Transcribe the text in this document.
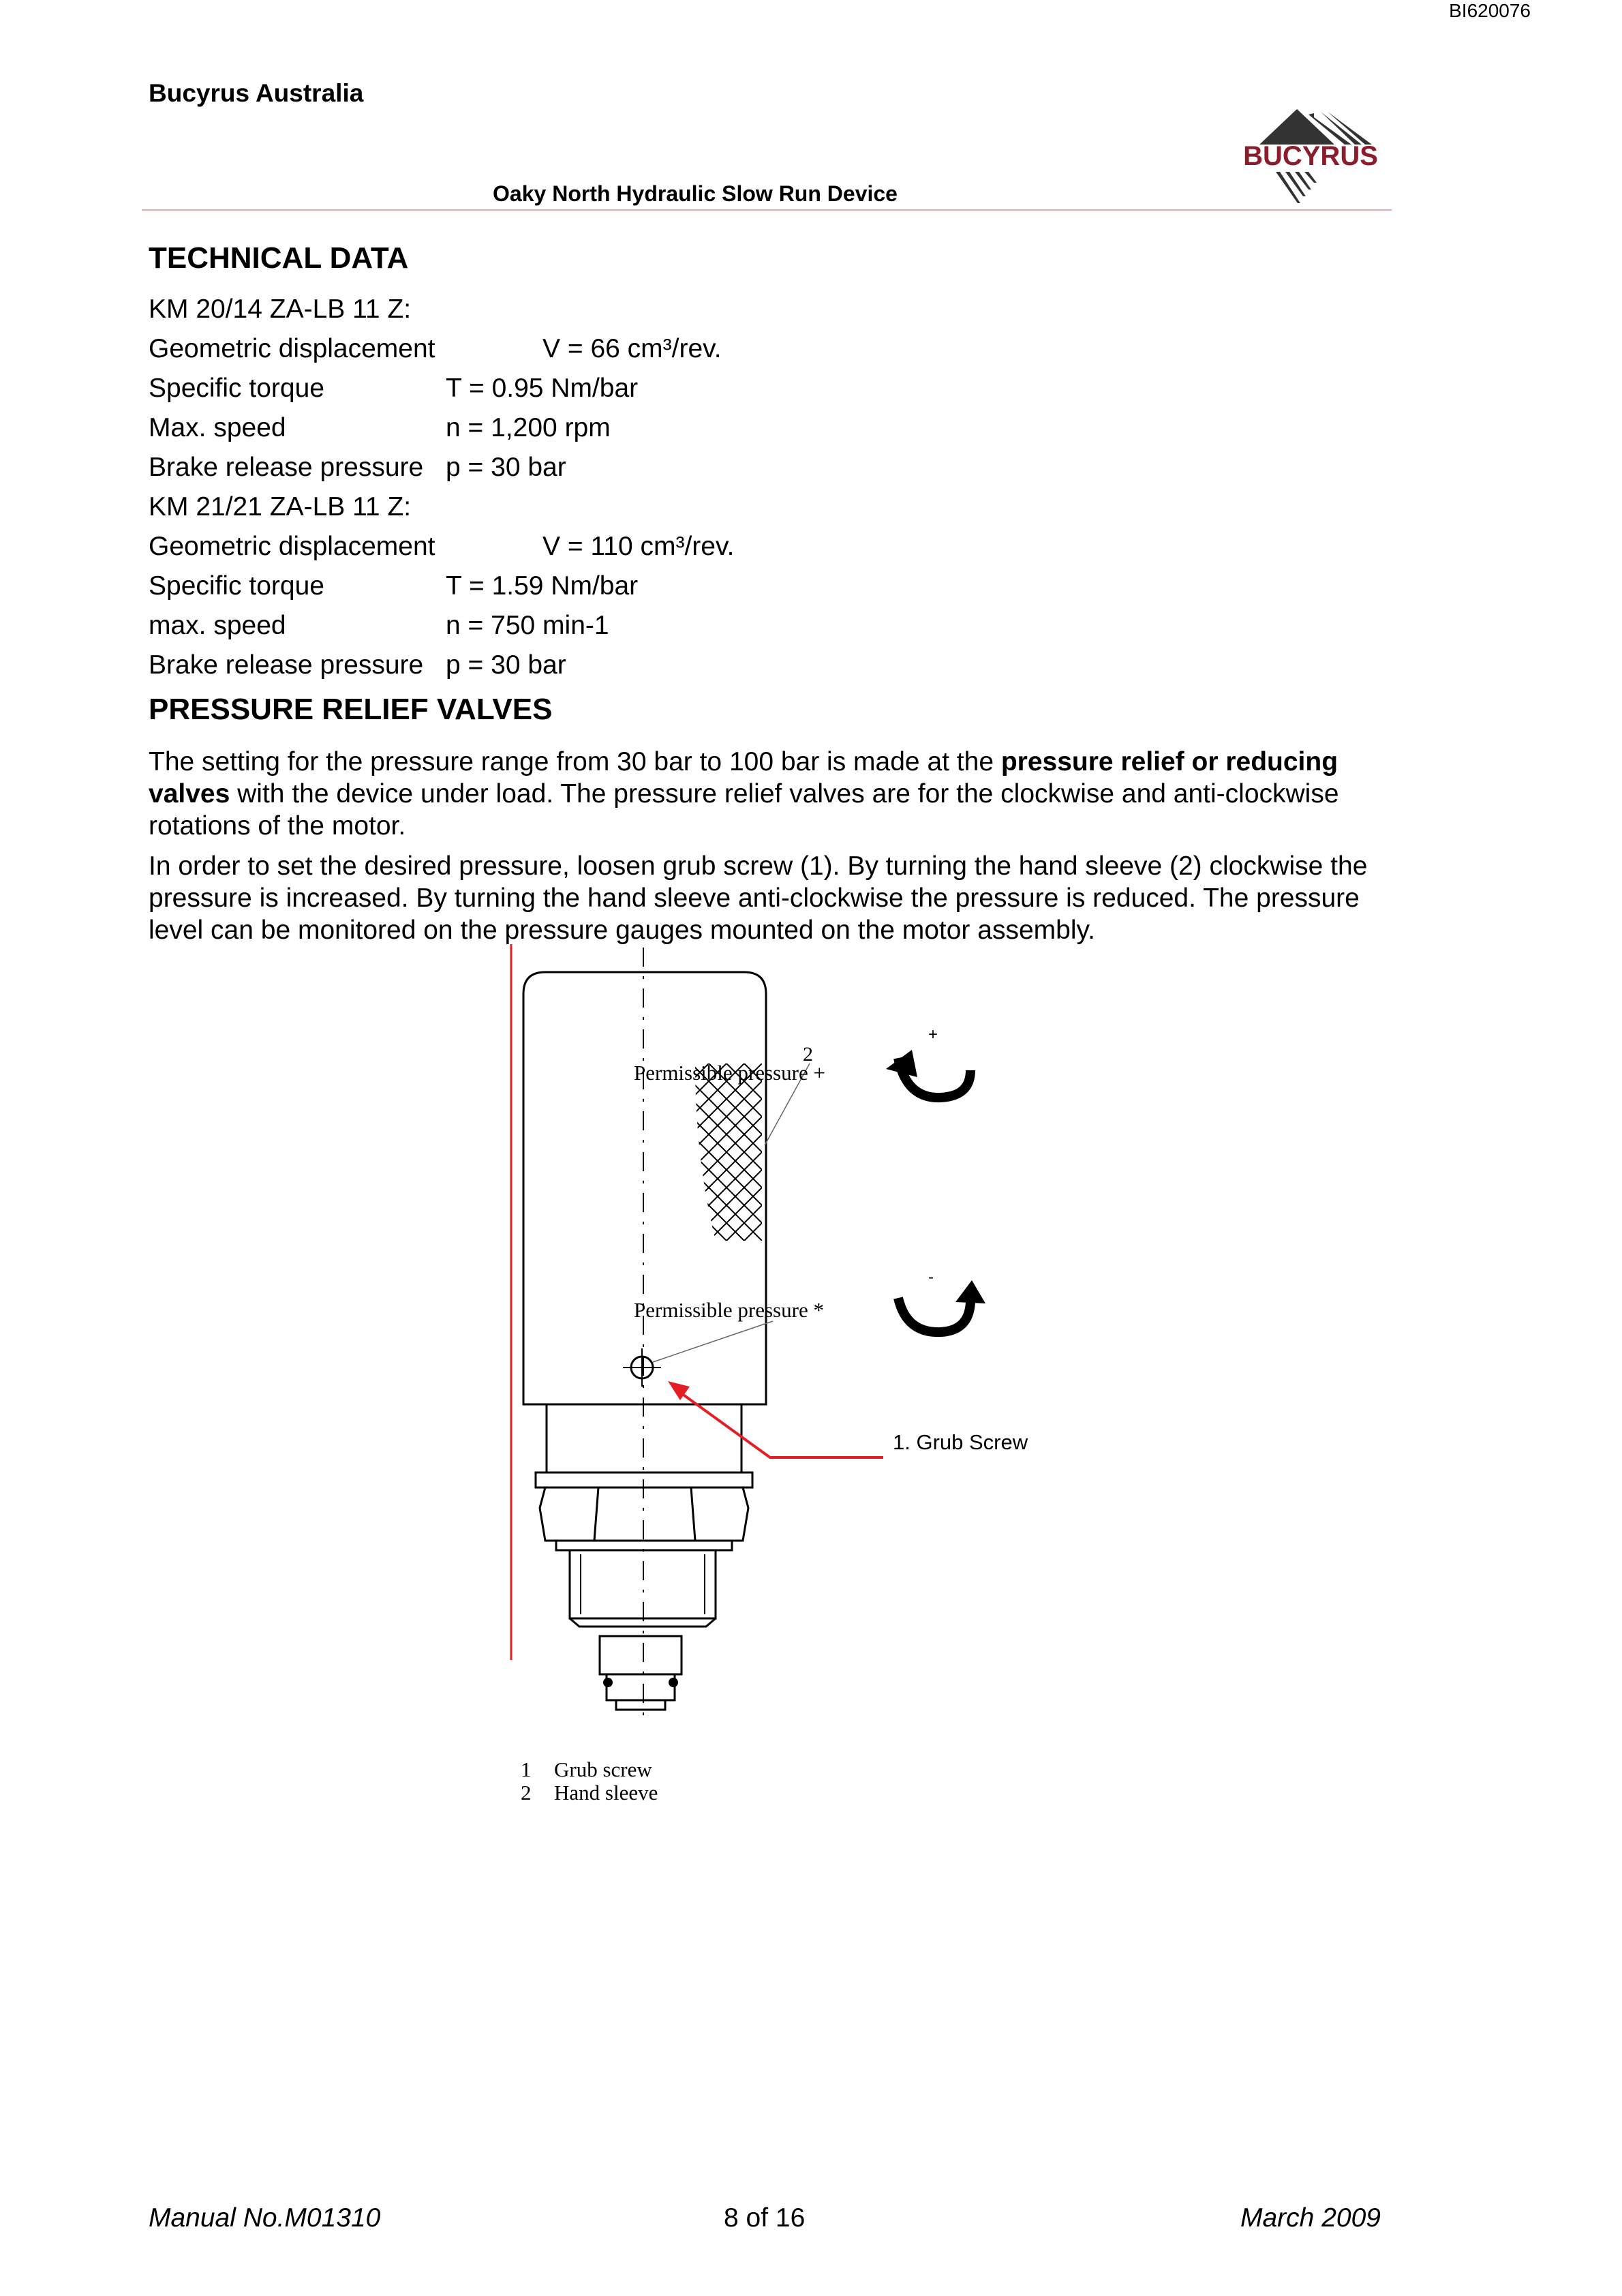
BI620076
Bucyrus Australia
Oaky North Hydraulic Slow Run Device
BUCYRUS
TECHNICAL DATA
KM 20/14 ZA-LB 11 Z:
Geometric displacement	V = 66 cm³/rev.
Specific torque	T = 0.95 Nm/bar
Max. speed	n = 1,200 rpm
Brake release pressure p = 30 bar
KM 21/21 ZA-LB 11 Z:
Geometric displacement	V = 110 cm³/rev.
Specific torque	T = 1.59 Nm/bar
max. speed	n = 750 min-1
Brake release pressure p = 30 bar
PRESSURE RELIEF VALVES
The setting for the pressure range from 30 bar to 100 bar is made at the pressure relief or reducing valves with the device under load. The pressure relief valves are for the clockwise and anti-clockwise rotations of the motor.
In order to set the desired pressure, loosen grub screw (1). By turning the hand sleeve (2) clockwise the pressure is increased. By turning the hand sleeve anti-clockwise the pressure is reduced. The pressure level can be monitored on the pressure gauges mounted on the motor assembly.
2
Permissible pressure +
Permissible pressure *
+
-
1. Grub Screw
1 Grub screw
2 Hand sleeve
Manual No.M01310	8 of 16	March 2009
